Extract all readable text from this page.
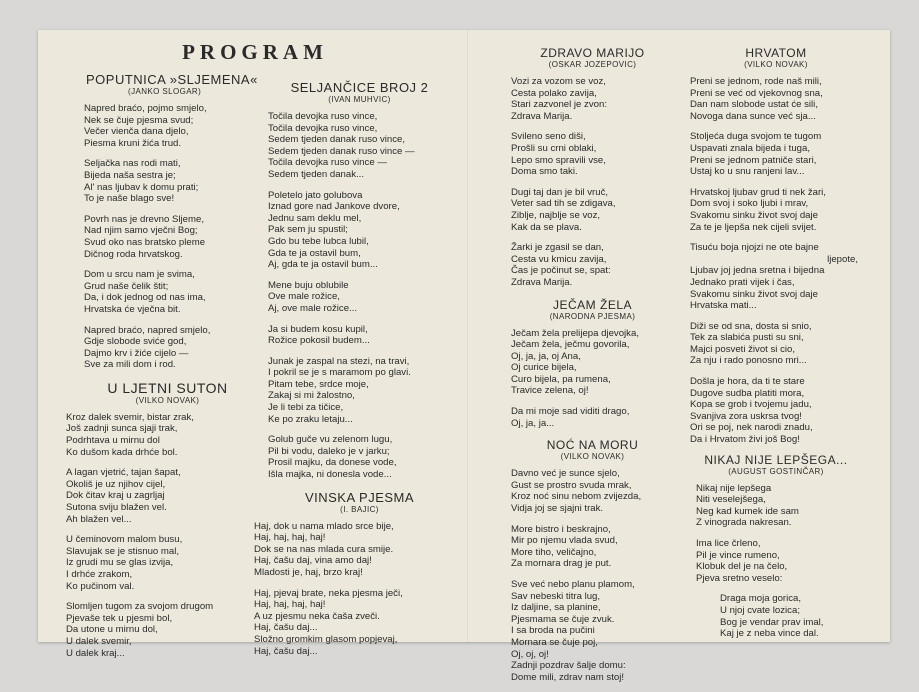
PROGRAM
POPUTNICA »SLJEMENA«
(JANKO SLOGAR)

Napred braćo, pojmo smjelo,

Nek se čuje pjesma svud;

Večer vienča dana djelo,

Piesma kruni žića trud.

Seljačka nas rodi mati,

Bijeda naša sestra je;

Al' nas ljubav k domu prati;

To je naše blago sve!

Povrh nas je drevno Sljeme,

Nad njim samo vječni Bog;

Svud oko nas bratsko pleme

Dičnog roda hrvatskog.

Dom u srcu nam je svima,

Grud naše čelik štit;

Da, i dok jednog od nas ima,

Hrvatska će vječna bit.

Napred braćo, napred smjelo,

Gdje slobode sviće god,

Dajmo krv i žiće cijelo —

Sve za mili dom i rod.

U LJETNI SUTON
(VILKO NOVAK)

Kroz dalek svemir, bistar zrak,

Još zadnji sunca sjaji trak,

Podrhtava u mirnu dol

Ko dušom kada drhće bol.

A lagan vjetrić, tajan šapat,

Okoliš je uz njihov cijel,

Dok čitav kraj u zagrljaj

Sutona sviju blažen vel.

Ah blažen vel...

U čeminovom malom busu,

Slavujak se je stisnuo mal,

Iz grudi mu se glas izvija,

I drhće zrakom,

Ko pučinom val.

Slomljen tugom za svojom drugom

Pjevaše tek u pjesmi bol,

Da utone u mirnu dol,

U dalek svemir,

U dalek kraj...

SELJANČICE BROJ 2
(IVAN MUHVIC)

Točila devojka ruso vince,

Točila devojka ruso vince,

Sedem tjeden danak ruso vince,

Sedem tjeden danak ruso vince —

Točila devojka ruso vince —

Sedem tjeden danak...

Poletelo jato golubova

Iznad gore nad Jankove dvore,

Jednu sam deklu mel,

Pak sem ju spustil;

Gdo bu tebe lubca lubil,

Gda te ja ostavil bum,

Aj, gda te ja ostavil bum...

Mene buju oblubile

Ove male rožice,

Aj, ove male rožice...

Ja si budem kosu kupil,

Rožice pokosil budem...

Junak je zaspal na stezi, na travi,

I pokril se je s maramom po glavi.

Pitam tebe, srdce moje,

Zakaj si mi žalostno,

Je li tebi za tičice,

Ke po zraku letaju...

Golub guče vu zelenom lugu,

Pil bi vodu, daleko je v jarku;

Prosil majku, da donese vode,

Išla majka, ni donesla vode...

VINSKA PJESMA
(I. BAJIC)

Haj, dok u nama mlado srce bije,

Haj, haj, haj, haj!

Dok se na nas mlada cura smije.

Haj, čašu daj, vina amo daj!

Mladosti je, haj, brzo kraj!

Haj, pjevaj brate, neka pjesma ječi,

Haj, haj, haj, haj!

A uz pjesmu neka čaša zveči.

Haj, čašu daj...

Složno gromkim glasom popjevaj,

Haj, čašu daj...

ZDRAVO MARIJO
(OSKAR JOZEPOVIC)

Vozi za vozom se voz,

Cesta polako zavija,

Stari zazvonel je zvon:

Zdrava Marija.

Svileno seno diši,

Prošli su crni oblaki,

Lepo smo spravili vse,

Doma smo taki.

Dugi taj dan je bil vruč,

Veter sad tih se zdigava,

Ziblje, najblje se voz,

Kak da se plava.

Žarki je zgasil se dan,

Cesta vu kmicu zavija,

Čas je počinut se, spat:

Zdrava Marija.

JEČAM ŽELA
(NARODNA PJESMA)

Ječam žela prelijepa djevojka,

Ječam žela, ječmu govorila,

Oj, ja, ja, oj Ana,

Oj curice bijela,

Curo bijela, pa rumena,

Travice zelena, oj!

Da mi moje sad viditi drago,

Oj, ja, ja...

NOĆ NA MORU
(VILKO NOVAK)

Davno već je sunce sjelo,

Gust se prostro svuda mrak,

Kroz noć sinu nebom zvijezda,

Vidja joj se sjajni trak.

More bistro i beskrajno,

Mir po njemu vlada svud,

More tiho, veličajno,

Za mornara drag je put.

Sve već nebo planu plamom,

Sav nebeski titra lug,

Iz daljine, sa planine,

Pjesmama se čuje zvuk.

I sa broda na pučini

Mornara se čuje poj,

Oj, oj, oj!

Zadnji pozdrav šalje domu:

Dome mili, zdrav nam stoj!

HRVATOM
(VILKO NOVAK)

Preni se jednom, rode naš mili,

Preni se već od vjekovnog sna,

Dan nam slobode ustat će sili,

Novoga dana sunce već sja...

Stoljeća duga svojom te tugom

Uspavati znala bijeda i tuga,

Preni se jednom patniče stari,

Ustaj ko u snu ranjeni lav...

Hrvatskoj ljubav grud ti nek žari,

Dom svoj i soko ljubi i mrav,

Svakomu sinku život svoj daje

Za te je ljepša nek cijeli svijet.

Tisuću boja njojzi ne ote bajne

ljepote,

Ljubav joj jedna sretna i bijedna

Jednako prati vijek i čas,

Svakomu sinku život svoj daje

Hrvatska mati...

Diži se od sna, dosta si snio,

Tek za slabića pusti su sni,

Majci posveti život si cio,

Za nju i rado ponosno mri...

Došla je hora, da ti te stare

Dugove sudba platiti mora,

Kopa se grob i tvojemu jadu,

Svanjiva zora uskrsa tvog!

Ori se poj, nek narodi znadu,

Da i Hrvatom živi još Bog!

NIKAJ NIJE LEPŠEGA...
(AUGUST GOSTINČAR)

Nikaj nije lepšega

Niti veselejšega,

Neg kad kumek ide sam

Z vinograda nakresan.

Ima lice črleno,

Pil je vince rumeno,

Klobuk del je na čelo,

Pjeva sretno veselo:

Draga moja gorica,

U njoj cvate lozica;

Bog je vendar prav imal,

Kaj je z neba vince dal.
